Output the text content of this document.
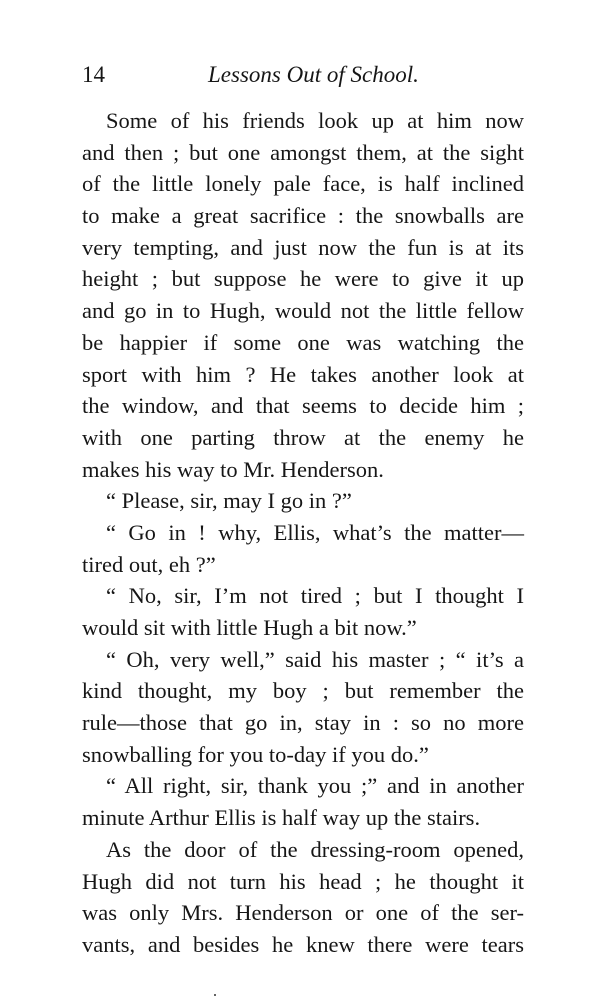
14	Lessons Out of School.
Some of his friends look up at him now
and then ; but one amongst them, at the sight
of the little lonely pale face, is half inclined
to make a great sacrifice : the snowballs are
very tempting, and just now the fun is at its
height ; but suppose he were to give it up
and go in to Hugh, would not the little fellow
be happier if some one was watching the
sport with him ? He takes another look at
the window, and that seems to decide him ;
with one parting throw at the enemy he
makes his way to Mr. Henderson.
“ Please, sir, may I go in ?”
“ Go in ! why, Ellis, what’s the matter—
tired out, eh ?”
“ No, sir, I’m not tired ; but I thought I
would sit with little Hugh a bit now.”
“ Oh, very well,” said his master ; “ it’s a
kind thought, my boy ; but remember the
rule—those that go in, stay in : so no more
snowballing for you to-day if you do.”
“ All right, sir, thank you ;” and in another
minute Arthur Ellis is half way up the stairs.
As the door of the dressing-room opened,
Hugh did not turn his head ; he thought it
was only Mrs. Henderson or one of the ser-
vants, and besides he knew there were tears
